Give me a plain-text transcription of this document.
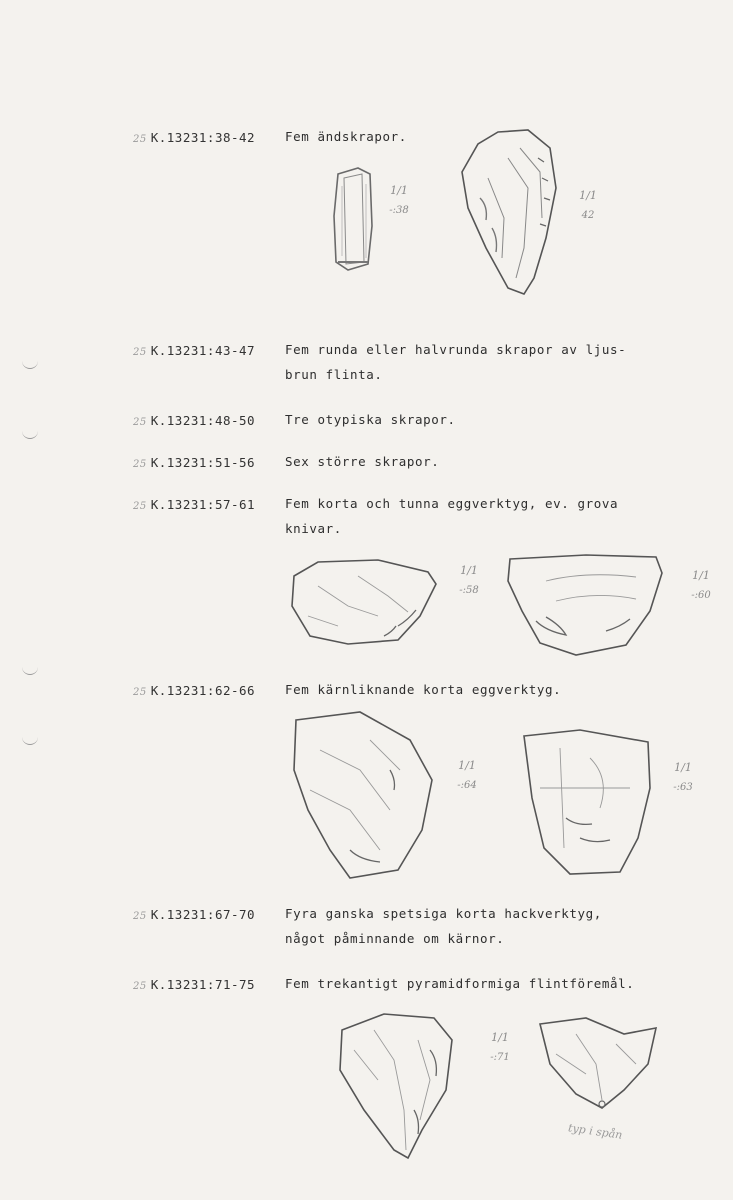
25 K.13231:38-42 Fem ändskrapor.
1/1
-:38
1/1
42
25 K.13231:43-47 Fem runda eller halvrunda skrapor av ljus-
brun flinta.
25 K.13231:48-50 Tre otypiska skrapor.
25 K.13231:51-56 Sex större skrapor.
25 K.13231:57-61 Fem korta och tunna eggverktyg, ev. grova
knivar.
1/1
-:58
1/1
-:60
25 K.13231:62-66 Fem kärnliknande korta eggverktyg.
1/1
-:64
1/1
-:63
25 K.13231:67-70 Fyra ganska spetsiga korta hackverktyg,
något påminnande om kärnor.
25 K.13231:71-75 Fem trekantigt pyramidformiga flintföremål.
1/1
-:71
typ i spån
